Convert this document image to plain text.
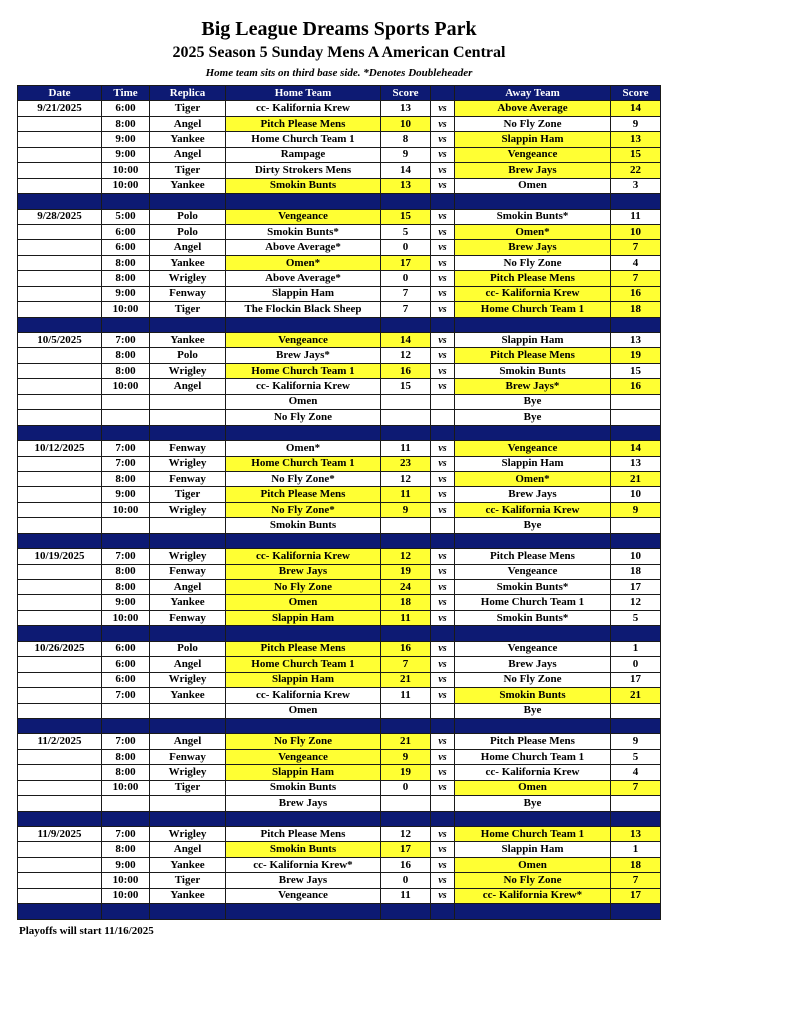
Big League Dreams Sports Park
2025 Season 5 Sunday Mens A American Central
Home team sits on third base side. *Denotes Doubleheader
Date	Time	Replica	Home Team	Score		Away Team	Score
9/21/2025	6:00	Tiger	cc- Kalifornia Krew	13	vs	Above Average	14
	8:00	Angel	Pitch Please Mens	10	vs	No Fly Zone	9
	9:00	Yankee	Home Church Team 1	8	vs	Slappin Ham	13
	9:00	Angel	Rampage	9	vs	Vengeance	15
	10:00	Tiger	Dirty Strokers Mens	14	vs	Brew Jays	22
	10:00	Yankee	Smokin Bunts	13	vs	Omen	3

9/28/2025	5:00	Polo	Vengeance	15	vs	Smokin Bunts*	11
	6:00	Polo	Smokin Bunts*	5	vs	Omen*	10
	6:00	Angel	Above Average*	0	vs	Brew Jays	7
	8:00	Yankee	Omen*	17	vs	No Fly Zone	4
	8:00	Wrigley	Above Average*	0	vs	Pitch Please Mens	7
	9:00	Fenway	Slappin Ham	7	vs	cc- Kalifornia Krew	16
	10:00	Tiger	The Flockin Black Sheep	7	vs	Home Church Team 1	18

10/5/2025	7:00	Yankee	Vengeance	14	vs	Slappin Ham	13
	8:00	Polo	Brew Jays*	12	vs	Pitch Please Mens	19
	8:00	Wrigley	Home Church Team 1	16	vs	Smokin Bunts	15
	10:00	Angel	cc- Kalifornia Krew	15	vs	Brew Jays*	16
			Omen			Bye	
			No Fly Zone			Bye	

10/12/2025	7:00	Fenway	Omen*	11	vs	Vengeance	14
	7:00	Wrigley	Home Church Team 1	23	vs	Slappin Ham	13
	8:00	Fenway	No Fly Zone*	12	vs	Omen*	21
	9:00	Tiger	Pitch Please Mens	11	vs	Brew Jays	10
	10:00	Wrigley	No Fly Zone*	9	vs	cc- Kalifornia Krew	9
			Smokin Bunts			Bye	

10/19/2025	7:00	Wrigley	cc- Kalifornia Krew	12	vs	Pitch Please Mens	10
	8:00	Fenway	Brew Jays	19	vs	Vengeance	18
	8:00	Angel	No Fly Zone	24	vs	Smokin Bunts*	17
	9:00	Yankee	Omen	18	vs	Home Church Team 1	12
	10:00	Fenway	Slappin Ham	11	vs	Smokin Bunts*	5

10/26/2025	6:00	Polo	Pitch Please Mens	16	vs	Vengeance	1
	6:00	Angel	Home Church Team 1	7	vs	Brew Jays	0
	6:00	Wrigley	Slappin Ham	21	vs	No Fly Zone	17
	7:00	Yankee	cc- Kalifornia Krew	11	vs	Smokin Bunts	21
			Omen			Bye	

11/2/2025	7:00	Angel	No Fly Zone	21	vs	Pitch Please Mens	9
	8:00	Fenway	Vengeance	9	vs	Home Church Team 1	5
	8:00	Wrigley	Slappin Ham	19	vs	cc- Kalifornia Krew	4
	10:00	Tiger	Smokin Bunts	0	vs	Omen	7
			Brew Jays			Bye	

11/9/2025	7:00	Wrigley	Pitch Please Mens	12	vs	Home Church Team 1	13
	8:00	Angel	Smokin Bunts	17	vs	Slappin Ham	1
	9:00	Yankee	cc- Kalifornia Krew*	16	vs	Omen	18
	10:00	Tiger	Brew Jays	0	vs	No Fly Zone	7
	10:00	Yankee	Vengeance	11	vs	cc- Kalifornia Krew*	17

Playoffs will start 11/16/2025
